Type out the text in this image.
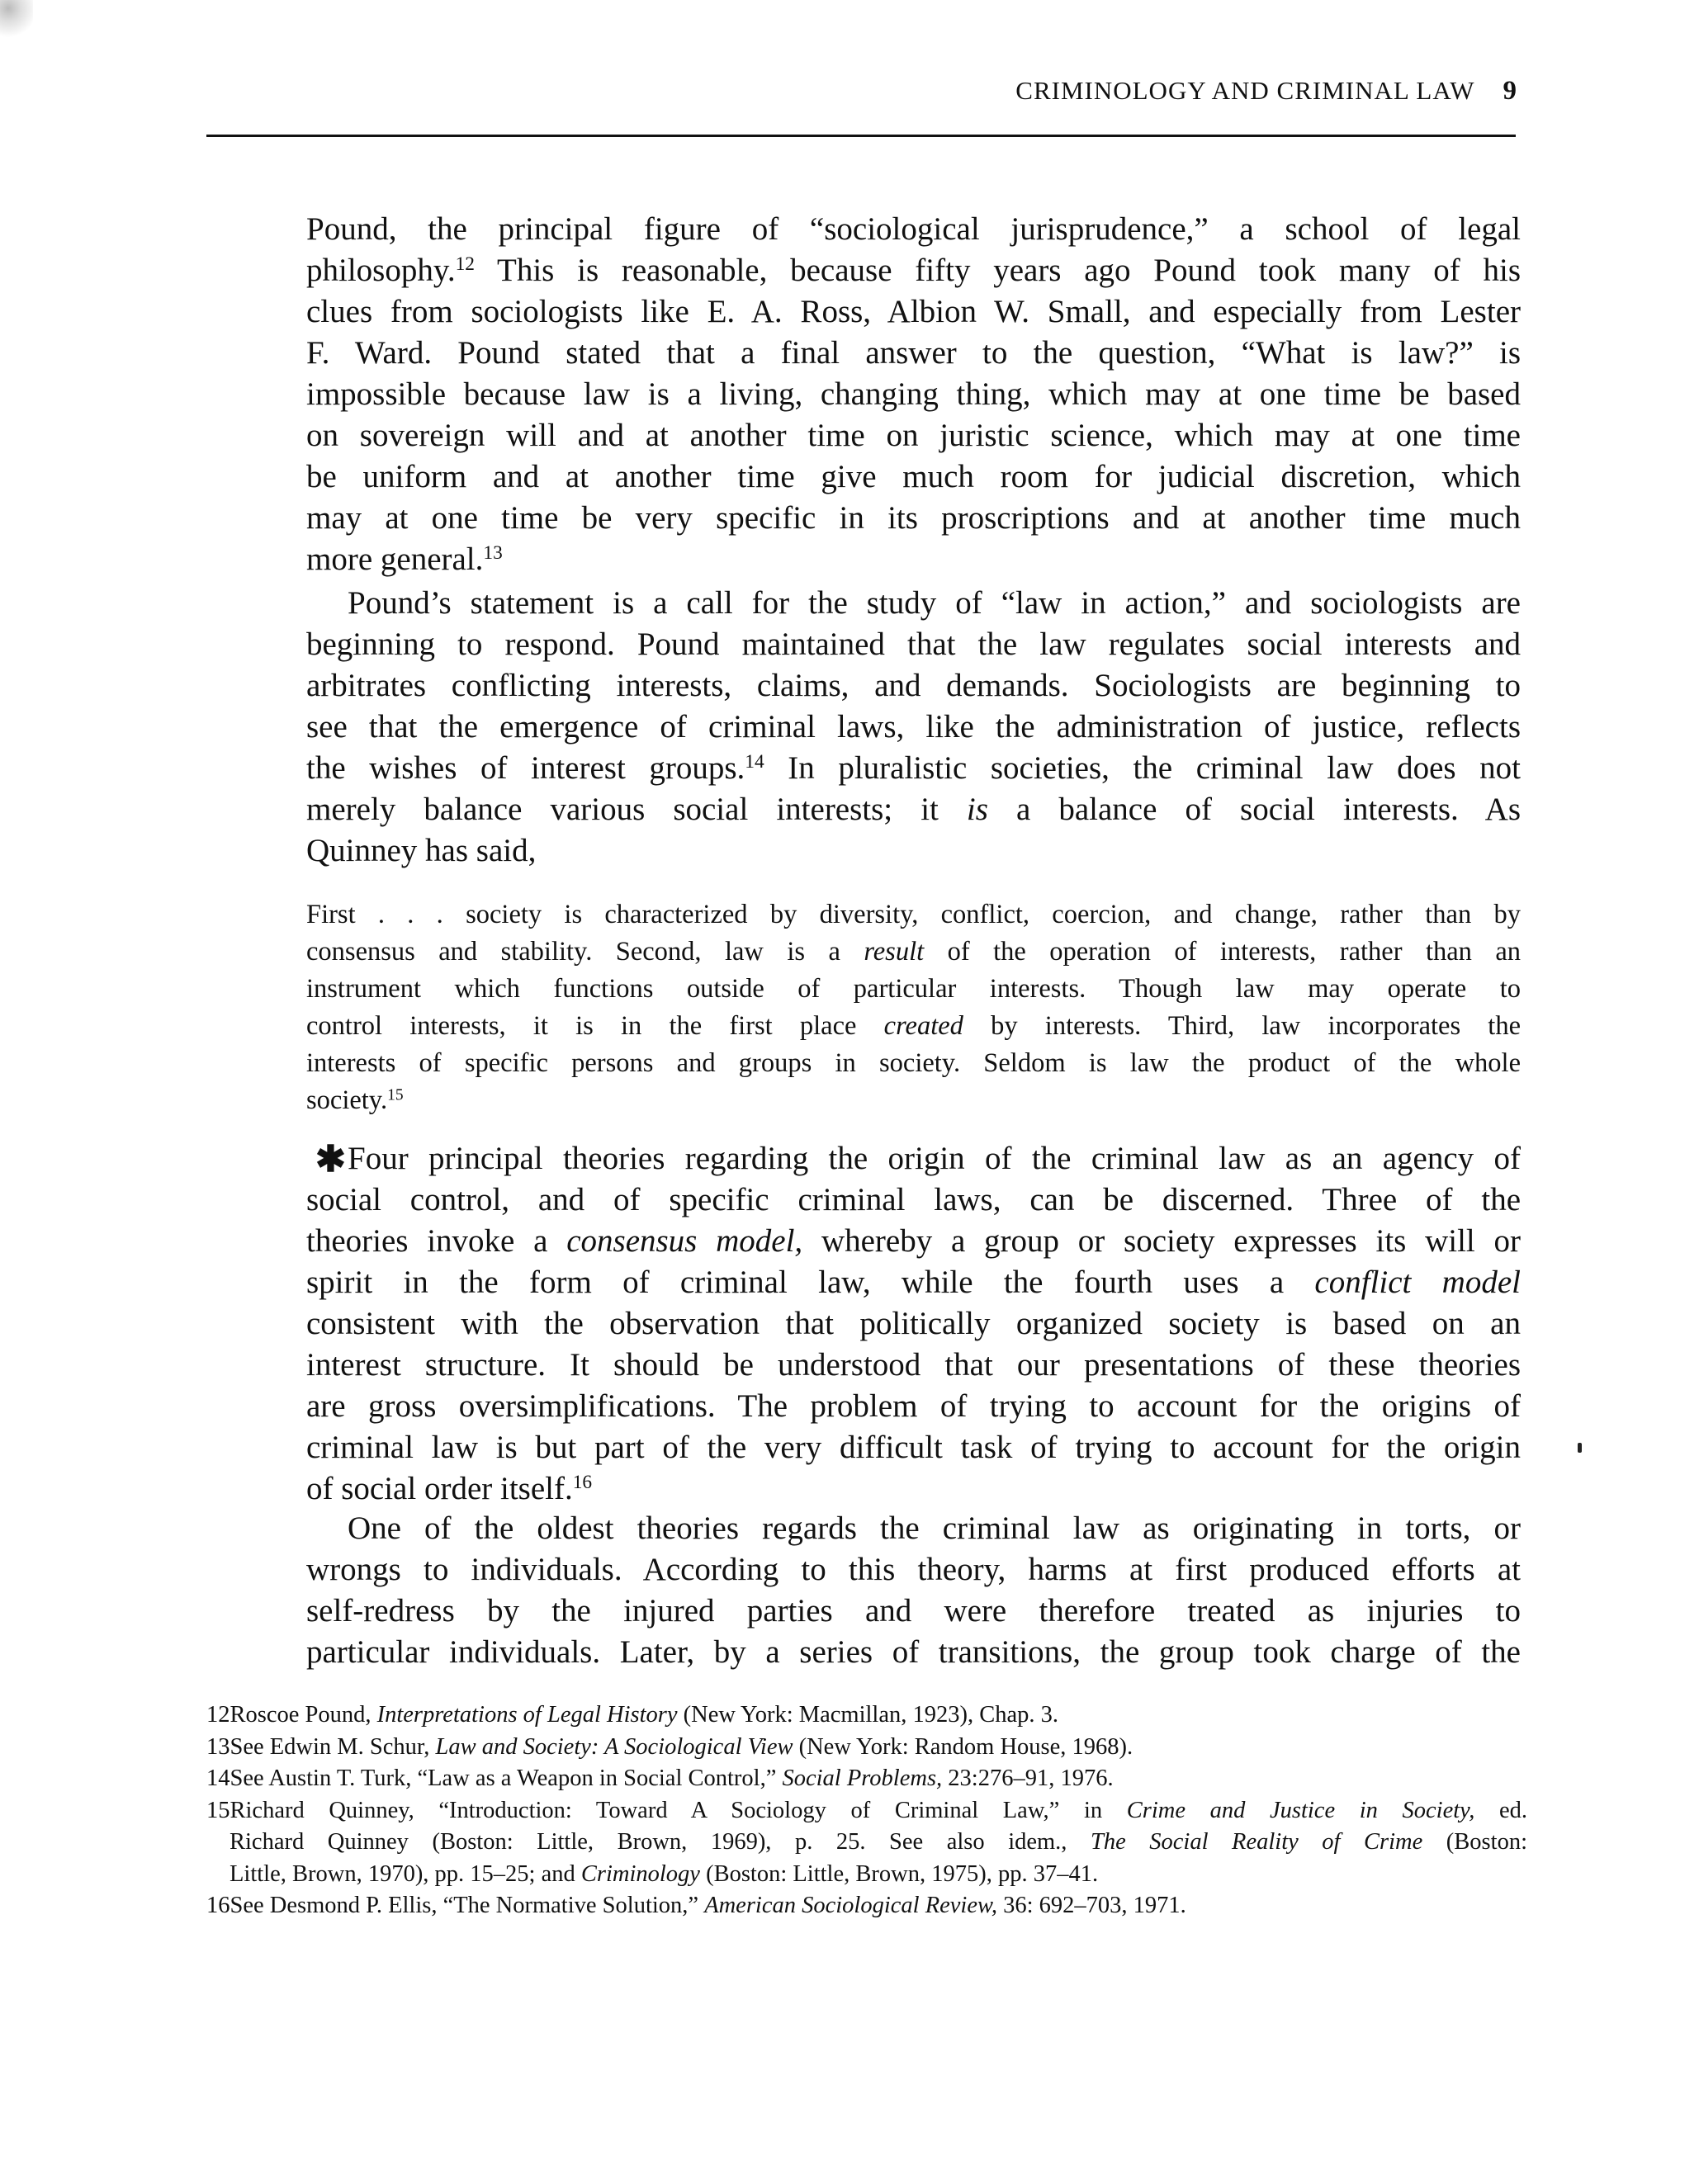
CRIMINOLOGY AND CRIMINAL LAW 9
Pound, the principal figure of “sociological jurisprudence,” a school of legal
philosophy.$^{12}$ This is reasonable, because fifty years ago Pound took many of his
clues from sociologists like E. A. Ross, Albion W. Small, and especially from Lester
F. Ward. Pound stated that a final answer to the question, “What is law?” is
impossible because law is a living, changing thing, which may at one time be based
on sovereign will and at another time on juristic science, which may at one time
be uniform and at another time give much room for judicial discretion, which
may at one time be very specific in its proscriptions and at another time much
more general.$^{13}$
Pound’s statement is a call for the study of “law in action,” and sociologists are
beginning to respond. Pound maintained that the law regulates social interests and
arbitrates conflicting interests, claims, and demands. Sociologists are beginning to
see that the emergence of criminal laws, like the administration of justice, reflects
the wishes of interest groups.$^{14}$ In pluralistic societies, the criminal law does not
merely balance various social interests; it is a balance of social interests. As
Quinney has said,
First . . . society is characterized by diversity, conflict, coercion, and change, rather than by
consensus and stability. Second, law is a result of the operation of interests, rather than an
instrument which functions outside of particular interests. Though law may operate to
control interests, it is in the first place created by interests. Third, law incorporates the
interests of specific persons and groups in society. Seldom is law the product of the whole
society.$^{15}$
✱ Four principal theories regarding the origin of the criminal law as an agency of
social control, and of specific criminal laws, can be discerned. Three of the
theories invoke a consensus model, whereby a group or society expresses its will or
spirit in the form of criminal law, while the fourth uses a conflict model
consistent with the observation that politically organized society is based on an
interest structure. It should be understood that our presentations of these theories
are gross oversimplifications. The problem of trying to account for the origins of
criminal law is but part of the very difficult task of trying to account for the origin
of social order itself.$^{16}$
One of the oldest theories regards the criminal law as originating in torts, or
wrongs to individuals. According to this theory, harms at first produced efforts at
self-redress by the injured parties and were therefore treated as injuries to
particular individuals. Later, by a series of transitions, the group took charge of the
12Roscoe Pound, Interpretations of Legal History (New York: Macmillan, 1923), Chap. 3.
13See Edwin M. Schur, Law and Society: A Sociological View (New York: Random House, 1968).
14See Austin T. Turk, “Law as a Weapon in Social Control,” Social Problems, 23:276–91, 1976.
15Richard Quinney, “Introduction: Toward A Sociology of Criminal Law,” in Crime and Justice in Society, ed.
Richard Quinney (Boston: Little, Brown, 1969), p. 25. See also idem., The Social Reality of Crime (Boston:
Little, Brown, 1970), pp. 15–25; and Criminology (Boston: Little, Brown, 1975), pp. 37–41.
16See Desmond P. Ellis, “The Normative Solution,” American Sociological Review, 36: 692–703, 1971.
